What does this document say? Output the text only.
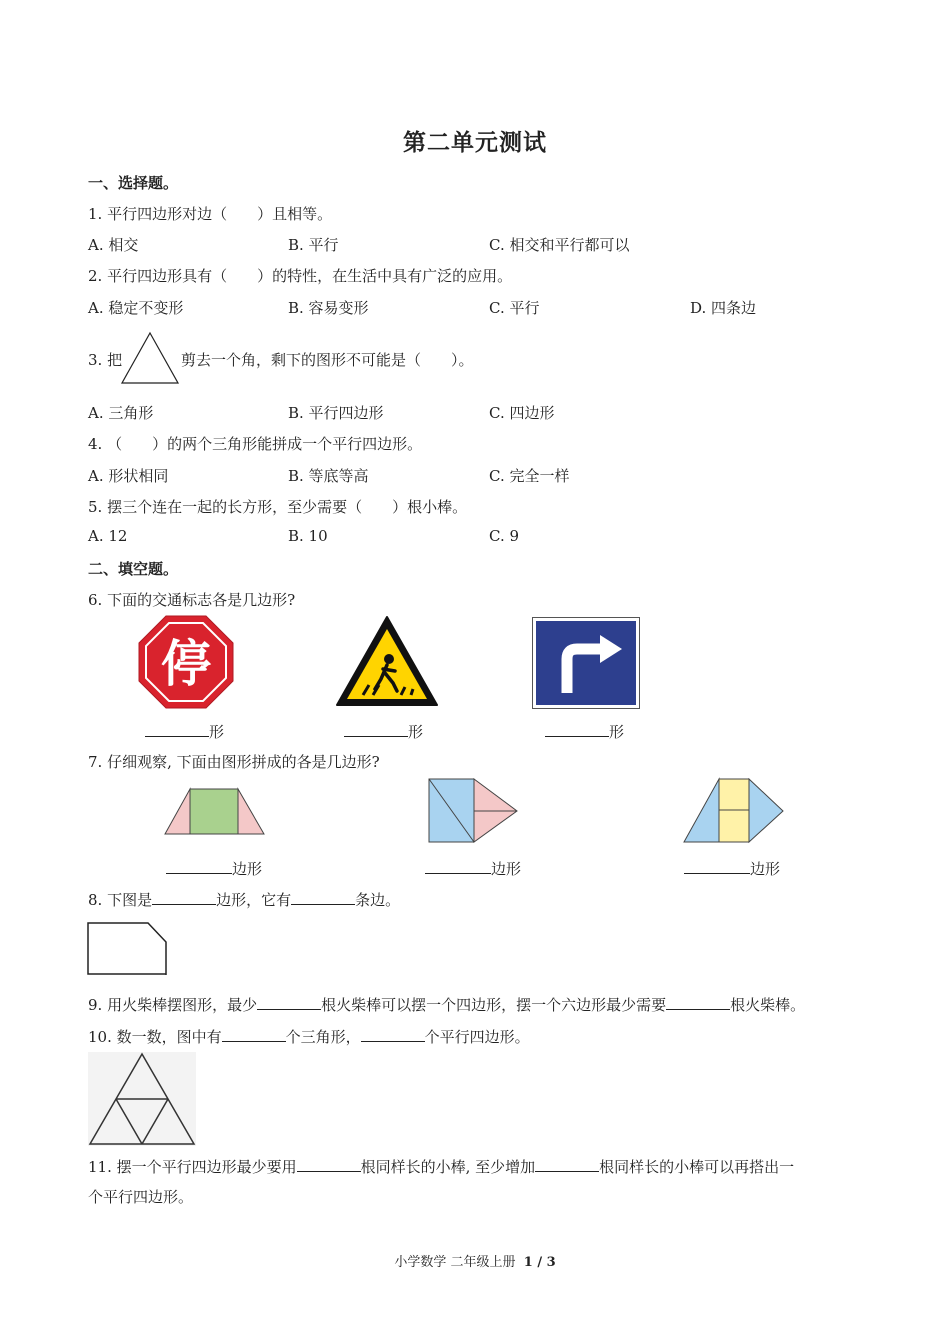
第二单元测试
一、选择题。
1. 平行四边形对边（　　）且相等。
A. 相交	B. 平行	C. 相交和平行都可以
2. 平行四边形具有（　　）的特性，在生活中具有广泛的应用。
A. 稳定不变形	B. 容易变形	C. 平行	D. 四条边
3. 把	剪去一个角，剩下的图形不可能是（　　）。
A. 三角形	B. 平行四边形	C. 四边形
4. （　　）的两个三角形能拼成一个平行四边形。
A. 形状相同	B. 等底等高	C. 完全一样
5. 摆三个连在一起的长方形，至少需要（　　）根小棒。
A. 12	B. 10	C. 9
二、填空题。
6. 下面的交通标志各是几边形?
停
形	形	形
7. 仔细观察, 下面由图形拼成的各是几边形?
边形	边形	边形
8. 下图是	边形，它有	条边。
9. 用火柴棒摆图形，最少	根火柴棒可以摆一个四边形，摆一个六边形最少需要	根火柴棒。
10. 数一数，图中有	个三角形，	个平行四边形。
11. 摆一个平行四边形最少要用	根同样长的小棒, 至少增加	根同样长的小棒可以再搭出一
个平行四边形。
小学数学 二年级上册 1 / 3
